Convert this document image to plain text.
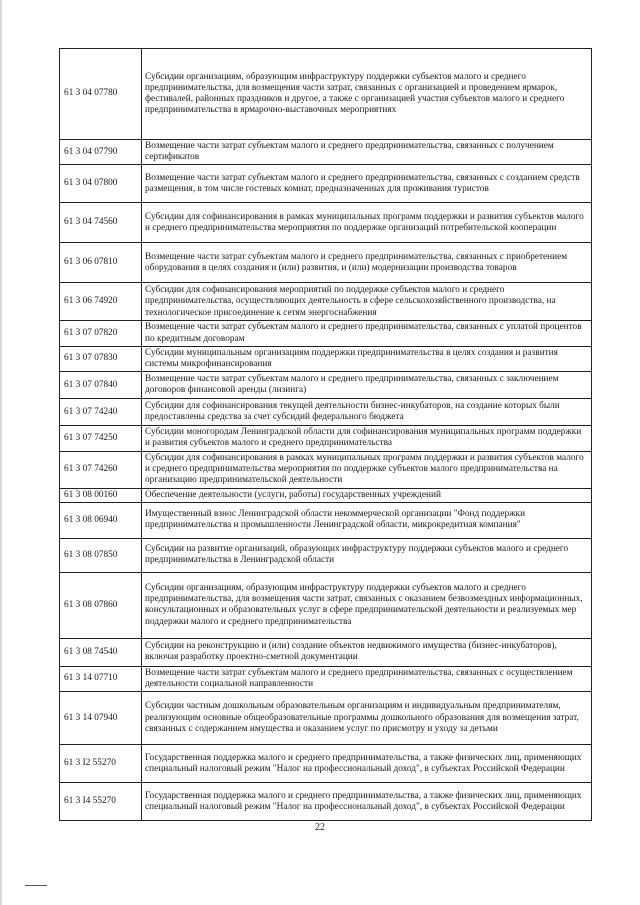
61 3 04 07780	Субсидии организациям, образующим инфраструктуру поддержки субъектов малого и среднего предпринимательства, для возмещения части затрат, связанных с организацией и проведением ярмарок, фестивалей, районных праздников и другое, а также с организацией участия субъектов малого и среднего предпринимательства в ярмарочно-выставочных мероприятиях
61 3 04 07790	Возмещение части затрат субъектам малого и среднего предпринимательства, связанных с получением сертификатов
61 3 04 07800	Возмещение части затрат субъектам малого и среднего предпринимательства, связанных с созданием средств размещения, в том числе гостевых комнат, предназначенных для проживания туристов
61 3 04 74560	Субсидии для софинансирования в рамках муниципальных программ поддержки и развития субъектов малого и среднего предпринимательства мероприятия по поддержке организаций потребительской кооперации
61 3 06 07810	Возмещение части затрат субъектам малого и среднего предпринимательства, связанных с приобретением оборудования в целях создания и (или) развития, и (или) модернизации производства товаров
61 3 06 74920	Субсидии для софинансирования мероприятий по поддержке субъектов малого и среднего предпринимательства, осуществляющих деятельность в сфере сельскохозяйственного производства, на технологическое присоединение к сетям энергоснабжения
61 3 07 07820	Возмещение части затрат субъектам малого и среднего предпринимательства, связанных с уплатой процентов по кредитным договорам
61 3 07 07830	Субсидии муниципальным организациям поддержки предпринимательства в целях создания и развития системы микрофинансирования
61 3 07 07840	Возмещение части затрат субъектам малого и среднего предпринимательства, связанных с заключением договоров финансовой аренды (лизинга)
61 3 07 74240	Субсидии для софинансирования текущей деятельности бизнес-инкубаторов, на создание которых были предоставлены средства за счет субсидий федерального бюджета
61 3 07 74250	Субсидии моногородам Ленинградской области для софинансирования муниципальных программ поддержки и развития субъектов малого и среднего предпринимательства
61 3 07 74260	Субсидии для софинансирования в рамках муниципальных программ поддержки и развития субъектов малого и среднего предпринимательства мероприятия по поддержке субъектов малого предпринимательства на организацию предпринимательской деятельности
61 3 08 00160	Обеспечение деятельности (услуги, работы) государственных учреждений
61 3 08 06940	Имущественный взнос Ленинградской области некоммерческой организации "Фонд поддержки предпринимательства и промышленности Ленинградской области, микрокредитная компания"
61 3 08 07850	Субсидии на развитие организаций, образующих инфраструктуру поддержки субъектов малого и среднего предпринимательства в Ленинградской области
61 3 08 07860	Субсидии организациям, образующим инфраструктуру поддержки субъектов малого и среднего предпринимательства, для возмещения части затрат, связанных с оказанием безвозмездных информационных, консультационных и образовательных услуг в сфере предпринимательской деятельности и реализуемых мер поддержки малого и среднего предпринимательства
61 3 08 74540	Субсидии на реконструкцию и (или) создание объектов недвижимого имущества (бизнес-инкубаторов), включая разработку проектно-сметной документации
61 3 14 07710	Возмещение части затрат субъектам малого и среднего предпринимательства, связанных с осуществлением деятельности социальной направленности
61 3 14 07940	Субсидии частным дошкольным образовательным организациям и индивидуальным предпринимателям, реализующим основные общеобразовательные программы дошкольного образования для возмещения затрат, связанных с содержанием имущества и оказанием услуг по присмотру и уходу за детьми
61 3 I2 55270	Государственная поддержка малого и среднего предпринимательства, а также физических лиц, применяющих специальный налоговый режим "Налог на профессиональный доход", в субъектах Российской Федерации
61 3 I4 55270	Государственная поддержка малого и среднего предпринимательства, а также физических лиц, применяющих специальный налоговый режим "Налог на профессиональный доход", в субъектах Российской Федерации
22
